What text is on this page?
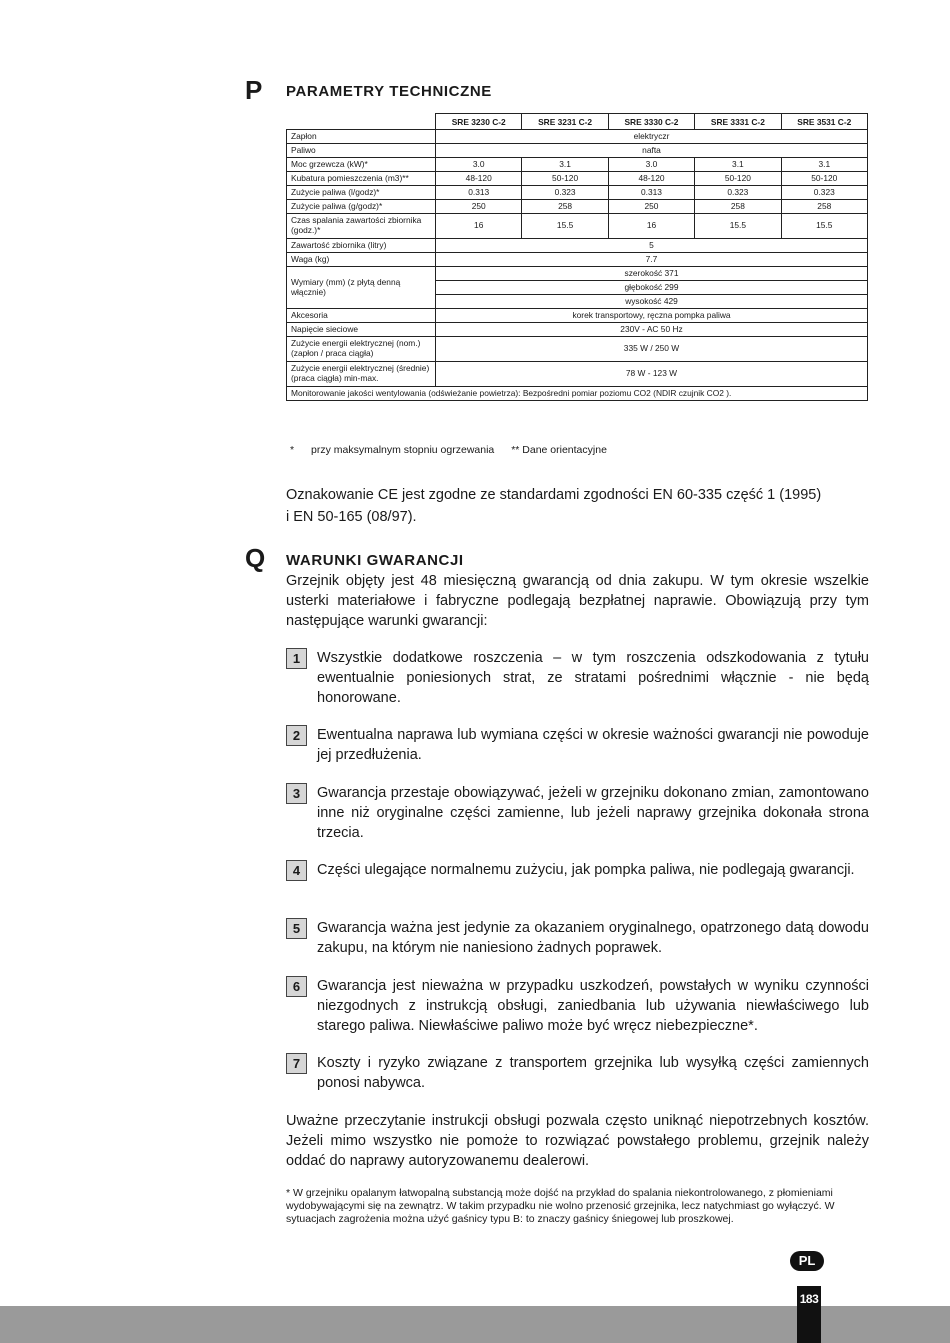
P PARAMETRY TECHNICZNE
	SRE 3230 C-2	SRE 3231 C-2	SRE 3330 C-2	SRE 3331 C-2	SRE 3531 C-2
Zapłon	elektryczr				
Paliwo	nafta				
Moc grzewcza (kW)*	3.0	3.1	3.0	3.1	3.1
Kubatura pomieszczenia (m3)**	48-120	50-120	48-120	50-120	50-120
Zużycie paliwa (l/godz)*	0.313	0.323	0.313	0.323	0.323
Zużycie paliwa (g/godz)*	250	258	250	258	258
Czas spalania zawartości zbiornika (godz.)*	16	15.5	16	15.5	15.5
Zawartość zbiornika (litry)	5				
Waga (kg)	7.7				
Wymiary (mm) (z płytą denną włącznie)	szerokość 371				
	głębokość 299				
	wysokość 429				
Akcesoria	korek transportowy, ręczna pompka paliwa				
Napięcie sieciowe	230V - AC 50 Hz				
Zużycie energii elektrycznej (nom.) (zapłon / praca ciągła)	335 W / 250 W				
Zużycie energii elektrycznej (średnie) (praca ciągła) min-max.	78 W - 123 W				
Monitorowanie jakości wentylowania (odświeżanie powietrza): Bezpośredni pomiar poziomu CO2 (NDIR czujnik CO2 ).					
* przy maksymalnym stopniu ogrzewania ** Dane orientacyjne
Oznakowanie CE jest zgodne ze standardami zgodności EN 60-335 część 1 (1995)
i EN 50-165 (08/97).
Q WARUNKI GWARANCJI
Grzejnik objęty jest 48 miesięczną gwarancją od dnia zakupu. W tym okresie wszelkie usterki materiałowe i fabryczne podlegają bezpłatnej naprawie. Obowiązują przy tym następujące warunki gwarancji:
1	Wszystkie dodatkowe roszczenia – w tym roszczenia odszkodowania z tytułu ewentualnie poniesionych strat, ze stratami pośrednimi włącznie - nie będą honorowane.
2	Ewentualna naprawa lub wymiana części w okresie ważności gwarancji nie powoduje jej przedłużenia.
3	Gwarancja przestaje obowiązywać, jeżeli w grzejniku dokonano zmian, zamontowano inne niż oryginalne części zamienne, lub jeżeli naprawy grzejnika dokonała strona trzecia.
4	Części ulegające normalnemu zużyciu, jak pompka paliwa, nie podlegają gwarancji.
5	Gwarancja ważna jest jedynie za okazaniem oryginalnego, opatrzonego datą dowodu zakupu, na którym nie naniesiono żadnych poprawek.
6	Gwarancja jest nieważna w przypadku uszkodzeń, powstałych w wyniku czynności niezgodnych z instrukcją obsługi, zaniedbania lub używania niewłaściwego lub starego paliwa. Niewłaściwe paliwo może być wręcz niebezpieczne*.
7	Koszty i ryzyko związane z transportem grzejnika lub wysyłką części zamiennych ponosi nabywca.
Uważne przeczytanie instrukcji obsługi pozwala często uniknąć niepotrzebnych kosztów. Jeżeli mimo wszystko nie pomoże to rozwiązać powstałego problemu, grzejnik należy oddać do naprawy autoryzowanemu dealerowi.
* W grzejniku opalanym łatwopalną substancją może dojść na przykład do spalania niekontrolowanego, z płomieniami wydobywającymi się na zewnątrz. W takim przypadku nie wolno przenosić grzejnika, lecz natychmiast go wyłączyć. W sytuacjach zagrożenia można użyć gaśnicy typu B: to znaczy gaśnicy śniegowej lub proszkowej.
PL
183
